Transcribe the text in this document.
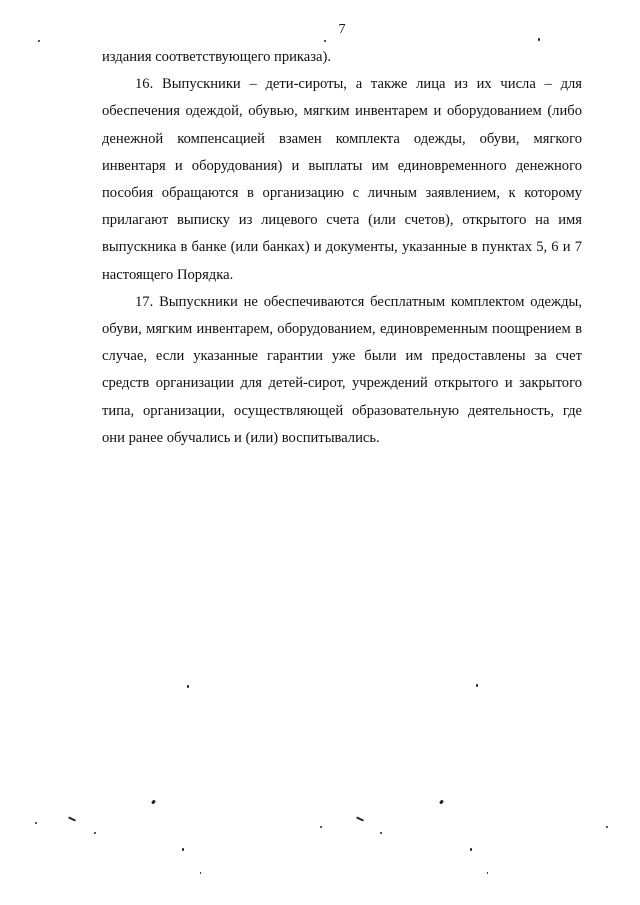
7

издания соответствующего приказа).

16. Выпускники – дети-сироты, а также лица из их числа – для обеспечения одеждой, обувью, мягким инвентарем и оборудованием (либо денежной компенсацией взамен комплекта одежды, обуви, мягкого инвентаря и оборудования) и выплаты им единовременного денежного пособия обращаются в организацию с личным заявлением, к которому прилагают выписку из лицевого счета (или счетов), открытого на имя выпускника в банке (или банках) и документы, указанные в пунктах 5, 6 и 7 настоящего Порядка.

17. Выпускники не обеспечиваются бесплатным комплектом одежды, обуви, мягким инвентарем, оборудованием, единовременным поощрением в случае, если указанные гарантии уже были им предоставлены за счет средств организации для детей-сирот, учреждений открытого и закрытого типа, организации, осуществляющей образовательную деятельность, где они ранее обучались и (или) воспитывались.
